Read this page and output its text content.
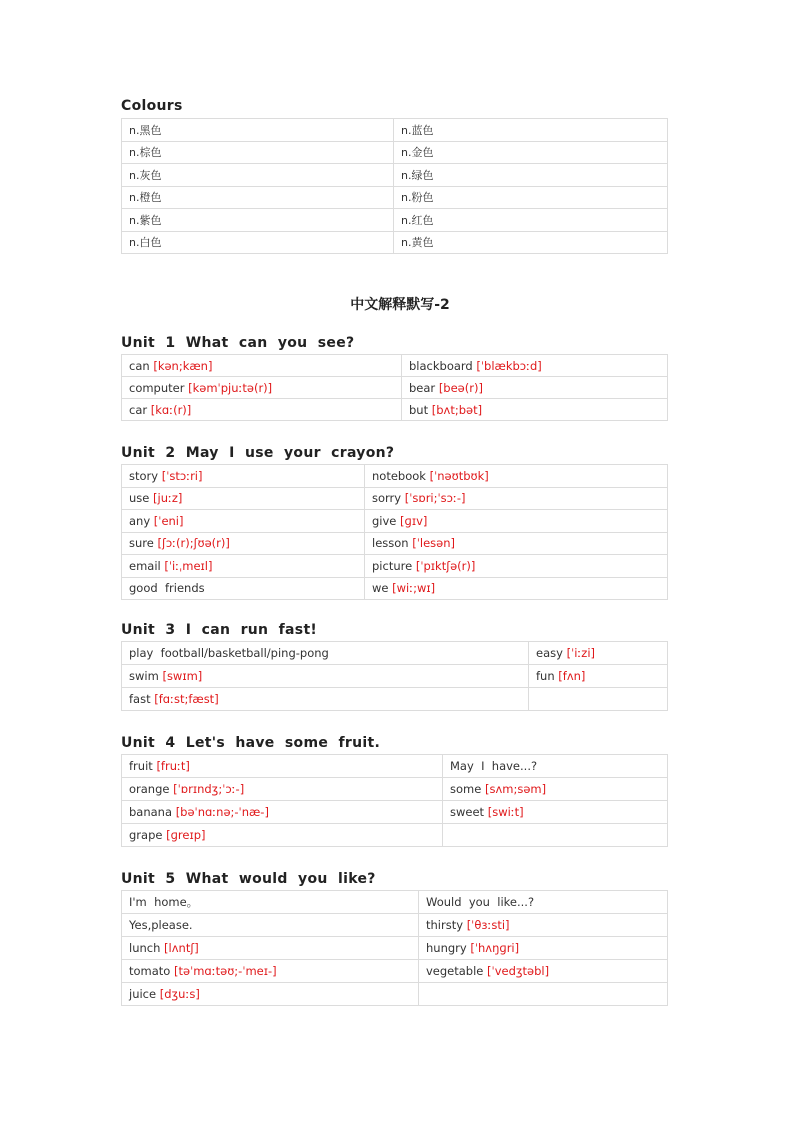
Colours
n.黑色	n.蓝色
n.棕色	n.金色
n.灰色	n.绿色
n.橙色	n.粉色
n.紫色	n.红色
n.白色	n.黄色
中文解释默写-2
Unit  1  What  can  you  see?
can [kən;kæn]	blackboard [ˈblækbɔːd]
computer [kəmˈpjuːtə(r)]	bear [beə(r)]
car [kɑː(r)]	but [bʌt;bət]
Unit  2  May  I  use  your  crayon?
story [ˈstɔːri]	notebook [ˈnəʊtbʊk]
use [juːz]	sorry [ˈsɒri;ˈsɔː-]
any [ˈeni]	give [ɡɪv]
sure [ʃɔː(r);ʃʊə(r)]	lesson [ˈlesən]
email [ˈiːˌmeɪl]	picture [ˈpɪktʃə(r)]
good  friends	we [wiː;wɪ]
Unit  3  I  can  run  fast!
play  football/basketball/ping-pong	easy [ˈiːzi]
swim [swɪm]	fun [fʌn]
fast [fɑːst;fæst]	
Unit  4  Let's  have  some  fruit.
fruit [fruːt]	May  I  have...?
orange [ˈɒrɪndʒ;ˈɔː-]	some [sʌm;səm]
banana [bəˈnɑːnə;-ˈnæ-]	sweet [swiːt]
grape [ɡreɪp]	
Unit  5  What  would  you  like?
I'm  home。	Would  you  like...?
Yes,please.	thirsty [ˈθɜːsti]
lunch [lʌntʃ]	hungry [ˈhʌŋɡri]
tomato [təˈmɑːtəʊ;-ˈmeɪ-]	vegetable [ˈvedʒtəbl]
juice [dʒuːs]	
